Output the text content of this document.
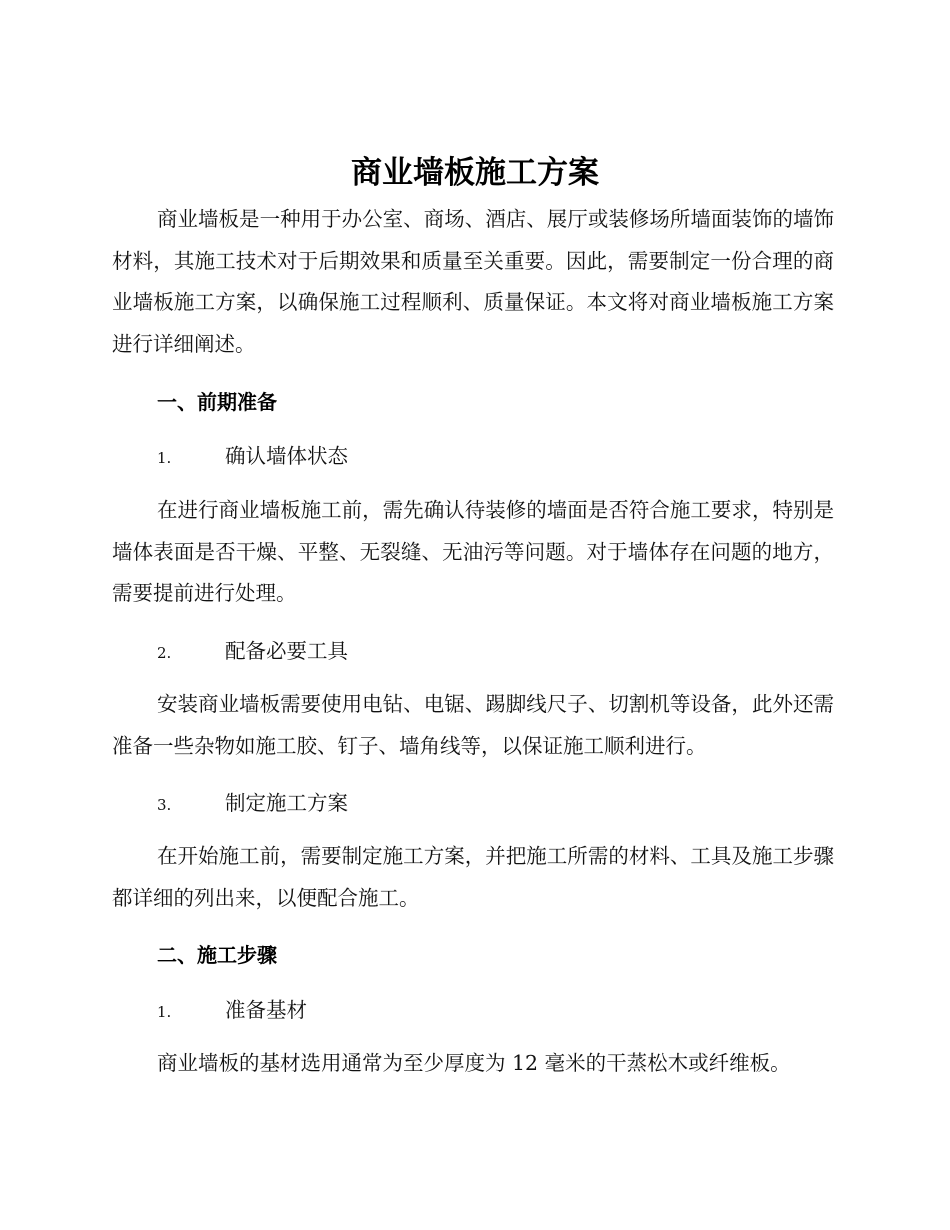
商业墙板施工方案

商业墙板是一种用于办公室、商场、酒店、展厅或装修场所墙面装饰的墙饰材料，其施工技术对于后期效果和质量至关重要。因此，需要制定一份合理的商业墙板施工方案，以确保施工过程顺利、质量保证。本文将对商业墙板施工方案进行详细阐述。

一、前期准备
1.	确认墙体状态

在进行商业墙板施工前，需先确认待装修的墙面是否符合施工要求，特别是墙体表面是否干燥、平整、无裂缝、无油污等问题。对于墙体存在问题的地方，需要提前进行处理。

2.	配备必要工具

安装商业墙板需要使用电钻、电锯、踢脚线尺子、切割机等设备，此外还需准备一些杂物如施工胶、钉子、墙角线等，以保证施工顺利进行。

3.	制定施工方案

在开始施工前，需要制定施工方案，并把施工所需的材料、工具及施工步骤都详细的列出来，以便配合施工。

二、施工步骤
1.	准备基材

商业墙板的基材选用通常为至少厚度为 12 毫米的干蒸松木或纤维板。
